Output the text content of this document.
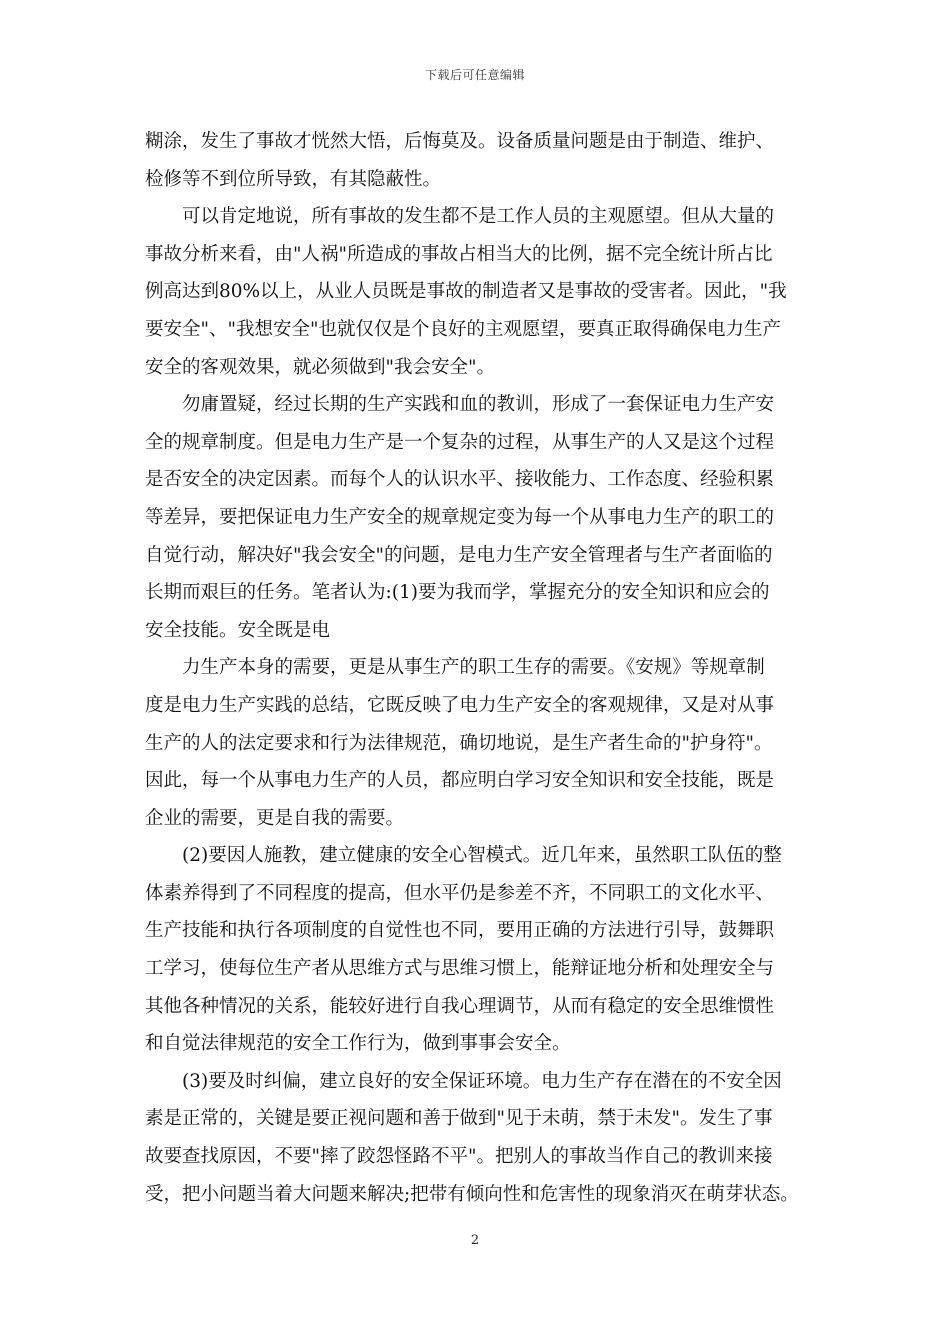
下载后可任意编辑
糊涂，发生了事故才恍然大悟，后悔莫及。设备质量问题是由于制造、维护、
检修等不到位所导致，有其隐蔽性。
　　可以肯定地说，所有事故的发生都不是工作人员的主观愿望。但从大量的
事故分析来看，由"人祸"所造成的事故占相当大的比例，据不完全统计所占比
例高达到80%以上，从业人员既是事故的制造者又是事故的受害者。因此，"我
要安全"、"我想安全"也就仅仅是个良好的主观愿望，要真正取得确保电力生产
安全的客观效果，就必须做到"我会安全"。
　　勿庸置疑，经过长期的生产实践和血的教训，形成了一套保证电力生产安
全的规章制度。但是电力生产是一个复杂的过程，从事生产的人又是这个过程
是否安全的决定因素。而每个人的认识水平、接收能力、工作态度、经验积累
等差异，要把保证电力生产安全的规章规定变为每一个从事电力生产的职工的
自觉行动，解决好"我会安全"的问题，是电力生产安全管理者与生产者面临的
长期而艰巨的任务。笔者认为:(1)要为我而学，掌握充分的安全知识和应会的
安全技能。安全既是电
　　力生产本身的需要，更是从事生产的职工生存的需要。《安规》等规章制
度是电力生产实践的总结，它既反映了电力生产安全的客观规律，又是对从事
生产的人的法定要求和行为法律规范，确切地说，是生产者生命的"护身符"。
因此，每一个从事电力生产的人员，都应明白学习安全知识和安全技能，既是
企业的需要，更是自我的需要。
　　(2)要因人施教，建立健康的安全心智模式。近几年来，虽然职工队伍的整
体素养得到了不同程度的提高，但水平仍是参差不齐，不同职工的文化水平、
生产技能和执行各项制度的自觉性也不同，要用正确的方法进行引导，鼓舞职
工学习，使每位生产者从思维方式与思维习惯上，能辩证地分析和处理安全与
其他各种情况的关系，能较好进行自我心理调节，从而有稳定的安全思维惯性
和自觉法律规范的安全工作行为，做到事事会安全。
　　(3)要及时纠偏，建立良好的安全保证环境。电力生产存在潜在的不安全因
素是正常的，关键是要正视问题和善于做到"见于未萌，禁于未发"。发生了事
故要查找原因，不要"摔了跤怨怪路不平"。把别人的事故当作自己的教训来接
受，把小问题当着大问题来解决;把带有倾向性和危害性的现象消灭在萌芽状态。
2
